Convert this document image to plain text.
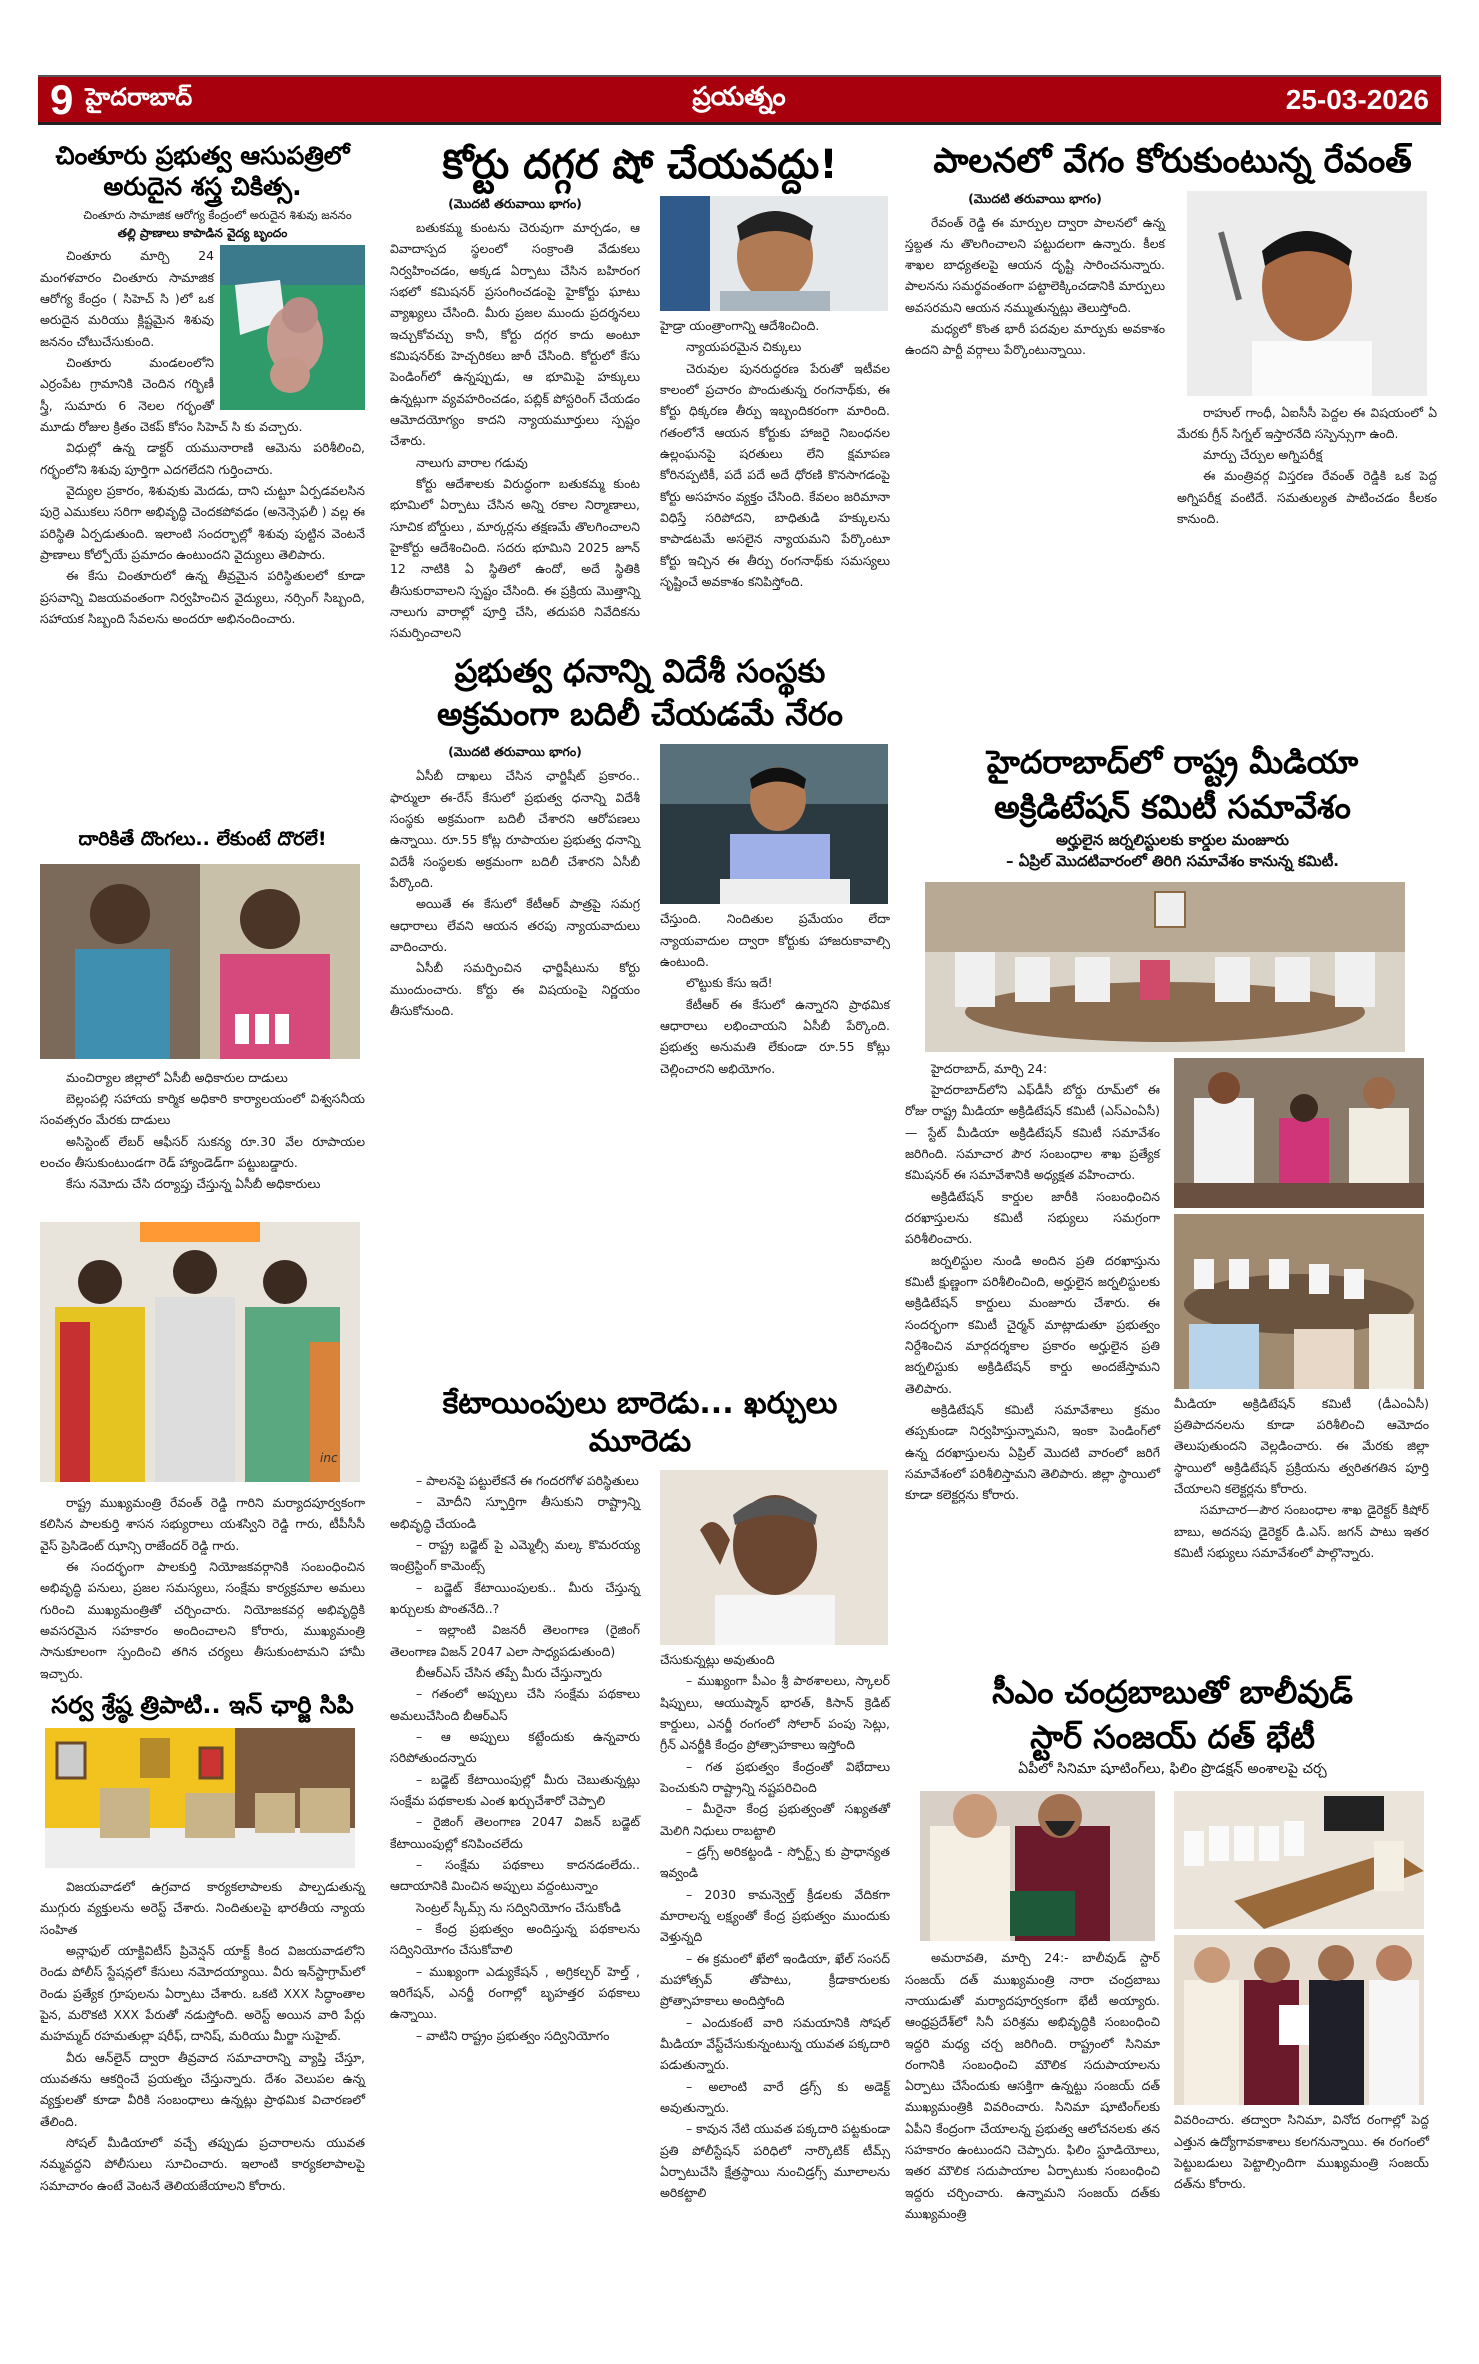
9 హైదరాబాద్	ప్రయత్నం	25-03-2026
చింతూరు ప్రభుత్వ ఆసుపత్రిలో
అరుదైన శస్త్ర చికిత్స.
చింతూరు సామాజిక ఆరోగ్య కేంద్రంలో అరుదైన శిశువు జననం
తల్లి ప్రాణాలు కాపాడిన వైద్య బృందం

చింతూరు మార్చి 24 మంగళవారం చింతూరు సామాజిక ఆరోగ్య కేంద్రం ( సిహెచ్ సి )లో ఒక అరుదైన మరియు క్లిష్టమైన శిశువు జననం చోటుచేసుకుంది.

చింతూరు మండలంలోని ఎర్రంపేట గ్రామానికి చెందిన గర్భిణీ స్త్రీ, సుమారు 6 నెలల గర్భంతో మూడు రోజుల క్రితం చెకప్ కోసం సిహెచ్ సి కు వచ్చారు.

విధుల్లో ఉన్న డాక్టర్ యమునారాణి ఆమెను పరిశీలించి, గర్భంలోని శిశువు పూర్తిగా ఎదగలేదని గుర్తించారు.

వైద్యుల ప్రకారం, శిశువుకు మెదడు, దాని చుట్టూ ఏర్పడవలసిన పుర్రె ఎముకలు సరిగా అభివృద్ధి చెందకపోవడం (అనెన్సెఫలీ ) వల్ల ఈ పరిస్థితి ఏర్పడుతుంది. ఇలాంటి సందర్భాల్లో శిశువు పుట్టిన వెంటనే ప్రాణాలు కోల్పోయే ప్రమాదం ఉంటుందని వైద్యులు తెలిపారు.

ఈ కేసు చింతూరులో ఉన్న తీవ్రమైన పరిస్థితులలో కూడా ప్రసవాన్ని విజయవంతంగా నిర్వహించిన వైద్యులు, నర్సింగ్ సిబ్బంది, సహాయక సిబ్బంది సేవలను అందరూ అభినందించారు.

దారికితే దొంగలు.. లేకుంటే దొరలే!

మంచిర్యాల జిల్లాలో ఏసీబీ అధికారుల దాడులు

బెల్లంపల్లి సహాయ కార్మిక అధికారి కార్యాలయంలో విశ్వసనీయ సంవత్సరం మేరకు దాడులు

అసిస్టెంట్ లేబర్ ఆఫీసర్ సుకన్య రూ.30 వేల రూపాయల లంచం తీసుకుంటుండగా రెడ్ హ్యాండెడ్‌గా పట్టుబడ్డారు.

కేసు నమోదు చేసి దర్యాప్తు చేస్తున్న ఏసీబీ అధికారులు

inc

రాష్ట్ర ముఖ్యమంత్రి రేవంత్ రెడ్డి గారిని మర్యాదపూర్వకంగా కలిసిన పాలకుర్తి శాసన సభ్యురాలు యశస్విని రెడ్డి గారు, టీపీసీసీ వైస్ ప్రెసిడెంట్ ఝాన్సి రాజేందర్ రెడ్డి గారు.

ఈ సందర్భంగా పాలకుర్తి నియోజకవర్గానికి సంబంధించిన అభివృద్ధి పనులు, ప్రజల సమస్యలు, సంక్షేమ కార్యక్రమాల అమలు గురించి ముఖ్యమంత్రితో చర్చించారు. నియోజకవర్గ అభివృద్ధికి అవసరమైన సహకారం అందించాలని కోరారు, ముఖ్యమంత్రి సానుకూలంగా స్పందించి తగిన చర్యలు తీసుకుంటామని హామీ ఇచ్చారు.

సర్వ శ్రేష్ఠ త్రిపాటి.. ఇన్ ఛార్జి సిపి

విజయవాడలో ఉగ్రవాద కార్యకలాపాలకు పాల్పడుతున్న ముగ్గురు వ్యక్తులను అరెస్ట్ చేశారు. నిందితులపై భారతీయ న్యాయ సంహిత

అన్లాఫుల్ యాక్టివిటీస్ ప్రివెన్షన్ యాక్ట్ కింద విజయవాడలోని రెండు పోలీస్ స్టేషన్లలో కేసులు నమోదయ్యాయి. వీరు ఇన్‌స్టాగ్రామ్‌లో రెండు ప్రత్యేక గ్రూపులను ఏర్పాటు చేశారు. ఒకటి XXX సిద్ధాంతాల పైన, మరొకటి XXX పేరుతో నడుస్తోంది. అరెస్ట్ అయిన వారి పేర్లు మహమ్మద్ రహమతుల్లా షరీఫ్, దానిష్, మరియు మీర్జా సుహైబ్.

వీరు ఆన్‌లైన్ ద్వారా తీవ్రవాద సమాచారాన్ని వ్యాప్తి చేస్తూ, యువతను ఆకర్షించే ప్రయత్నం చేస్తున్నారు. దేశం వెలుపల ఉన్న వ్యక్తులతో కూడా వీరికి సంబంధాలు ఉన్నట్లు ప్రాథమిక విచారణలో తేలింది.

సోషల్ మీడియాలో వచ్చే తప్పుడు ప్రచారాలను యువత నమ్మవద్దని పోలీసులు సూచించారు. ఇలాంటి కార్యకలాపాలపై సమాచారం ఉంటే వెంటనే తెలియజేయాలని కోరారు.

కోర్టు దగ్గర షో చేయవద్దు!
(మొదటి తరువాయి భాగం)

బతుకమ్మ కుంటను చెరువుగా మార్చడం, ఆ వివాదాస్పద స్థలంలో సంక్రాంతి వేడుకలు నిర్వహించడం, అక్కడ ఏర్పాటు చేసిన బహిరంగ సభలో కమిషనర్ ప్రసంగించడంపై హైకోర్టు ఘాటు వ్యాఖ్యలు చేసింది. మీరు ప్రజల ముందు ప్రదర్శనలు ఇచ్చుకోవచ్చు కానీ, కోర్టు దగ్గర కాదు అంటూ కమిషనర్‌కు హెచ్చరికలు జారీ చేసింది. కోర్టులో కేసు పెండింగ్‌లో ఉన్నప్పుడు, ఆ భూమిపై హక్కులు ఉన్నట్లుగా వ్యవహరించడం, పబ్లిక్ పోస్టరింగ్ చేయడం ఆమోదయోగ్యం కాదని న్యాయమూర్తులు స్పష్టం చేశారు.

నాలుగు వారాల గడువు

కోర్టు ఆదేశాలకు విరుద్ధంగా బతుకమ్మ కుంట భూమిలో ఏర్పాటు చేసిన అన్ని రకాల నిర్మాణాలు, సూచిక బోర్డులు , మార్కర్లను తక్షణమే తొలగించాలని హైకోర్టు ఆదేశించింది. సదరు భూమిని 2025 జూన్ 12 నాటికి ఏ స్థితిలో ఉందో, అదే స్థితికి తీసుకురావాలని స్పష్టం చేసింది. ఈ ప్రక్రియ మొత్తాన్ని నాలుగు వారాల్లో పూర్తి చేసి, తదుపరి నివేదికను సమర్పించాలని

హైడ్రా యంత్రాంగాన్ని ఆదేశించింది.

న్యాయపరమైన చిక్కులు

చెరువుల పునరుద్ధరణ పేరుతో ఇటీవల కాలంలో ప్రచారం పొందుతున్న రంగనాథ్‌కు, ఈ కోర్టు ధిక్కరణ తీర్పు ఇబ్బందికరంగా మారింది. గతంలోనే ఆయన కోర్టుకు హాజరై నిబంధనల ఉల్లంఘనపై షరతులు లేని క్షమాపణ కోరినప్పటికీ, పదే పదే అదే ధోరణి కొనసాగడంపై కోర్టు అసహనం వ్యక్తం చేసింది. కేవలం జరిమానా విధిస్తే సరిపోదని, బాధితుడి హక్కులను కాపాడటమే అసలైన న్యాయమని పేర్కొంటూ కోర్టు ఇచ్చిన ఈ తీర్పు రంగనాథ్‌కు సమస్యలు సృష్టించే అవకాశం కనిపిస్తోంది.

ప్రభుత్వ ధనాన్ని విదేశీ సంస్థకు
అక్రమంగా బదిలీ చేయడమే నేరం
(మొదటి తరువాయి భాగం)

ఏసీబీ దాఖలు చేసిన ఛార్జిషీట్ ప్రకారం.. ఫార్ములా ఈ-రేస్ కేసులో ప్రభుత్వ ధనాన్ని విదేశీ సంస్థకు అక్రమంగా బదిలీ చేశారని ఆరోపణలు ఉన్నాయి. రూ.55 కోట్ల రూపాయల ప్రభుత్వ ధనాన్ని విదేశీ సంస్థలకు అక్రమంగా బదిలీ చేశారని ఏసీబీ పేర్కొంది.

అయితే ఈ కేసులో కేటీఆర్ పాత్రపై సమగ్ర ఆధారాలు లేవని ఆయన తరపు న్యాయవాదులు వాదించారు.

ఏసీబీ సమర్పించిన ఛార్జిషీటును కోర్టు ముందుంచారు. కోర్టు ఈ విషయంపై నిర్ణయం తీసుకోనుంది.

చేస్తుంది. నిందితుల ప్రమేయం లేదా న్యాయవాదుల ద్వారా కోర్టుకు హాజరుకావాల్సి ఉంటుంది.

లొట్టుకు కేసు ఇదే!

కేటీఆర్ ఈ కేసులో ఉన్నారని ప్రాథమిక ఆధారాలు లభించాయని ఏసీబీ పేర్కొంది. ప్రభుత్వ అనుమతి లేకుండా రూ.55 కోట్లు చెల్లించారని అభియోగం.

కేటాయింపులు బారెడు... ఖర్చులు మూరెడు

– పాలనపై పట్టులేకనే ఈ గందరగోళ పరిస్థితులు

– మోదీని స్ఫూర్తిగా తీసుకుని రాష్ట్రాన్ని అభివృద్ధి చేయండి

– రాష్ట్ర బడ్జెట్ పై ఎమ్మెల్సీ మల్క కొమరయ్య ఇంట్రెస్టింగ్ కామెంట్స్

– బడ్జెట్ కేటాయింపులకు.. మీరు చేస్తున్న ఖర్చులకు పొంతనేది..?

– ఇల్లాంటి విజనరీ తెలంగాణ (రైజింగ్ తెలంగాణ విజన్ 2047 ఎలా సాధ్యపడుతుంది)

బీఆర్ఎస్ చేసిన తప్పే మీరు చేస్తున్నారు

– గతంలో అప్పులు చేసి సంక్షేమ పథకాలు అమలుచేసింది బీఆర్ఎస్

– ఆ అప్పులు కట్టేందుకు ఉన్నవారు సరిపోతుందన్నారు

– బడ్జెట్ కేటాయింపుల్లో మీరు చెబుతున్నట్లు సంక్షేమ పథకాలకు ఎంత ఖర్చుచేశారో చెప్పాలి

– రైజింగ్ తెలంగాణ 2047 విజన్ బడ్జెట్ కేటాయింపుల్లో కనిపించలేదు

– సంక్షేమ పథకాలు కాదనడంలేదు.. ఆదాయానికి మించిన అప్పులు వద్దంటున్నాం

సెంట్రల్ స్కీమ్స్ ను సద్వినియోగం చేసుకోండి

– కేంద్ర ప్రభుత్వం అందిస్తున్న పథకాలను సద్వినియోగం చేసుకోవాలి

– ముఖ్యంగా ఎడ్యుకేషన్ , అగ్రికల్చర్ హెల్త్ , ఇరిగేషన్, ఎనర్జీ రంగాల్లో బృహత్తర పథకాలు ఉన్నాయి.

– వాటిని రాష్ట్రం ప్రభుత్వం సద్వినియోగం

చేసుకున్నట్లు అవుతుంది

– ముఖ్యంగా పీఎం శ్రీ పాఠశాలలు, స్కాలర్ షిప్పులు, ఆయుష్మాన్ భారత్, కిసాన్ క్రెడిట్ కార్డులు, ఎనర్జీ రంగంలో సోలార్ పంపు సెట్లు, గ్రీన్ ఎనర్జీకి కేంద్రం ప్రోత్సాహకాలు ఇస్తోంది

– గత ప్రభుత్వం కేంద్రంతో విభేదాలు పెంచుకుని రాష్ట్రాన్ని నష్టపరిచింది

– మీరైనా కేంద్ర ప్రభుత్వంతో సఖ్యతతో మెలిగి నిధులు రాబట్టాలి

– డ్రగ్స్ అరికట్టండి - స్పోర్ట్స్ కు ప్రాధాన్యత ఇవ్వండి

– 2030 కామన్వెల్త్ క్రీడలకు వేదికగా మారాలన్న లక్ష్యంతో కేంద్ర ప్రభుత్వం ముందుకు వెళ్తున్నది

– ఈ క్రమంలో ఖేలో ఇండియా, ఖేల్ సంసద్ మహోత్సవ్ తోపాటు, క్రీడాకారులకు ప్రోత్సాహకాలు అందిస్తోంది

– ఎందుకంటే వారి సమయానికి సోషల్ మీడియా వేస్ట్‌చేసుకున్నంటున్న యువత పక్కదారి పడుతున్నారు.

– అలాంటి వారే డ్రగ్స్ కు అడెక్ట్ అవుతున్నారు.

– కావున నేటి యువత పక్కదారి పట్టకుండా ప్రతి పోలీస్టేషన్ పరిధిలో నార్కొటిక్ టీమ్స్ ఏర్పాటుచేసి క్షేత్రస్థాయి నుంచిడ్రగ్స్ మూలాలను అరికట్టాలి

పాలనలో వేగం కోరుకుంటున్న రేవంత్
(మొదటి తరువాయి భాగం)

రేవంత్ రెడ్డి ఈ మార్పుల ద్వారా పాలనలో ఉన్న స్తబ్దత ను తొలగించాలని పట్టుదలగా ఉన్నారు. కీలక శాఖల బాధ్యతలపై ఆయన దృష్టి సారించనున్నారు. పాలనను సమర్థవంతంగా పట్టాలెక్కించడానికి మార్పులు అవసరమని ఆయన నమ్ముతున్నట్లు తెలుస్తోంది.

మధ్యలో కొంత భారీ పదవుల మార్పుకు అవకాశం ఉందని పార్టీ వర్గాలు పేర్కొంటున్నాయి.

రాహుల్ గాంధీ, ఏఐసీసీ పెద్దల ఈ విషయంలో ఏ మేరకు గ్రీన్ సిగ్నల్ ఇస్తారనేది సస్పెన్సుగా ఉంది.

మార్పు చేర్పుల అగ్నిపరీక్ష

ఈ మంత్రివర్గ విస్తరణ రేవంత్ రెడ్డికి ఒక పెద్ద అగ్నిపరీక్ష వంటిదే. సమతుల్యత పాటించడం కీలకం కానుంది.

హైదరాబాద్‌లో రాష్ట్ర మీడియా
అక్రిడిటేషన్ కమిటీ సమావేశం
అర్హులైన జర్నలిస్టులకు కార్డుల మంజూరు
– ఏప్రిల్ మొదటివారంలో తిరిగి సమావేశం కానున్న కమిటీ.

హైదరాబాద్, మార్చి 24:

హైదరాబాద్‌లోని ఎఫ్‌డీసీ బోర్డు రూమ్‌లో ఈ రోజు రాష్ట్ర మీడియా అక్రిడిటేషన్ కమిటీ (ఎస్ఎంఏసీ)— స్టేట్ మీడియా అక్రిడిటేషన్ కమిటీ సమావేశం జరిగింది. సమాచార పౌర సంబంధాల శాఖ ప్రత్యేక కమిషనర్ ఈ సమావేశానికి అధ్యక్షత వహించారు.

అక్రిడిటేషన్ కార్డుల జారీకి సంబంధించిన దరఖాస్తులను కమిటీ సభ్యులు సమగ్రంగా పరిశీలించారు.

జర్నలిస్టుల నుండి అందిన ప్రతి దరఖాస్తును కమిటీ క్షుణ్ణంగా పరిశీలించింది, అర్హులైన జర్నలిస్టులకు అక్రిడిటేషన్ కార్డులు మంజూరు చేశారు. ఈ సందర్భంగా కమిటీ చైర్మన్ మాట్లాడుతూ ప్రభుత్వం నిర్దేశించిన మార్గదర్శకాల ప్రకారం అర్హులైన ప్రతి జర్నలిస్టుకు అక్రిడిటేషన్ కార్డు అందజేస్తామని తెలిపారు.

అక్రిడిటేషన్ కమిటీ సమావేశాలు క్రమం తప్పకుండా నిర్వహిస్తున్నామని, ఇంకా పెండింగ్‌లో ఉన్న దరఖాస్తులను ఏప్రిల్ మొదటి వారంలో జరిగే సమావేశంలో పరిశీలిస్తామని తెలిపారు. జిల్లా స్థాయిలో కూడా కలెక్టర్లను కోరారు.

మీడియా అక్రిడిటేషన్ కమిటీ (డీఎంఏసీ) ప్రతిపాదనలను కూడా పరిశీలించి ఆమోదం తెలుపుతుందని వెల్లడించారు. ఈ మేరకు జిల్లా స్థాయిలో అక్రిడిటేషన్ ప్రక్రియను త్వరితగతిన పూర్తి చేయాలని కలెక్టర్లను కోరారు.

సమాచార—పౌర సంబంధాల శాఖ డైరెక్టర్ కిషోర్ బాబు, అదనపు డైరెక్టర్ డి.ఎస్. జగన్ పాటు ఇతర కమిటీ సభ్యులు సమావేశంలో పాల్గొన్నారు.

సీఎం చంద్రబాబుతో బాలీవుడ్
స్టార్ సంజయ్ దత్ భేటీ
ఏపీలో సినిమా షూటింగ్‌లు, ఫిలిం ప్రొడక్షన్ అంశాలపై చర్చ

అమరావతి, మార్చి 24:- బాలీవుడ్ స్టార్ సంజయ్ దత్ ముఖ్యమంత్రి నారా చంద్రబాబు నాయుడుతో మర్యాదపూర్వకంగా భేటీ అయ్యారు. ఆంధ్రప్రదేశ్‌లో సినీ పరిశ్రమ అభివృద్ధికి సంబంధించి ఇద్దరి మధ్య చర్చ జరిగింది. రాష్ట్రంలో సినిమా రంగానికి సంబంధించి మౌలిక సదుపాయాలను ఏర్పాటు చేసేందుకు ఆసక్తిగా ఉన్నట్టు సంజయ్ దత్ ముఖ్యమంత్రికి వివరించారు. సినిమా షూటింగ్‌లకు ఏపీని కేంద్రంగా చేయాలన్న ప్రభుత్వ ఆలోచనలకు తన సహకారం ఉంటుందని చెప్పారు. ఫిలిం స్టూడియోలు, ఇతర మౌలిక సదుపాయాల ఏర్పాటుకు సంబంధించి ఇద్దరు చర్చించారు. ఉన్నామని సంజయ్ దత్‌కు ముఖ్యమంత్రి

వివరించారు. తద్వారా సినిమా, వినోద రంగాల్లో పెద్ద ఎత్తున ఉద్యోగావకాశాలు కలగనున్నాయి. ఈ రంగంలో పెట్టుబడులు పెట్టాల్సిందిగా ముఖ్యమంత్రి సంజయ్ దత్‌ను కోరారు.
